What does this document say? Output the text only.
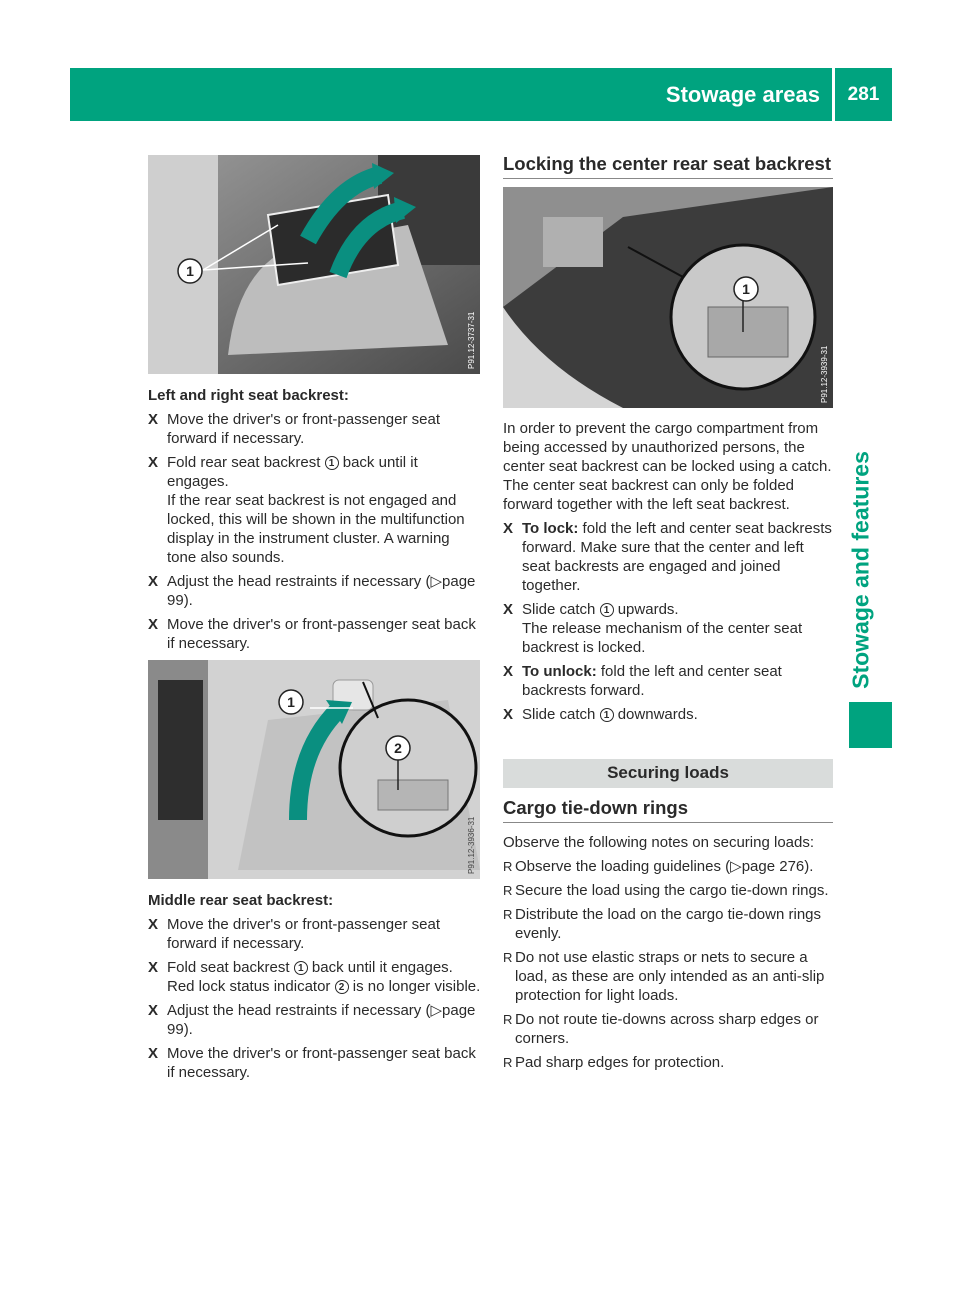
Stowage areas	281
Stowage and features
1
P91.12-3737-31

Left and right seat backrest:

X Move the driver's or front-passenger seat forward if necessary.

X Fold rear seat backrest 1 back until it engages.
If the rear seat backrest is not engaged and locked, this will be shown in the multifunction display in the instrument cluster. A warning tone also sounds.

X Adjust the head restraints if necessary (▷page 99).

X Move the driver's or front-passenger seat back if necessary.

1
2
P91.12-3936-31

Middle rear seat backrest:

X Move the driver's or front-passenger seat forward if necessary.

X Fold seat backrest 1 back until it engages.
Red lock status indicator 2 is no longer visible.

X Adjust the head restraints if necessary (▷page 99).

X Move the driver's or front-passenger seat back if necessary.

Locking the center rear seat backrest
1
P91.12-3939-31

In order to prevent the cargo compartment from being accessed by unauthorized persons, the center seat backrest can be locked using a catch. The center seat backrest can only be folded forward together with the left seat backrest.

X To lock: fold the left and center seat backrests forward. Make sure that the center and left seat backrests are engaged and joined together.

X Slide catch 1 upwards.
The release mechanism of the center seat backrest is locked.

X To unlock: fold the left and center seat backrests forward.

X Slide catch 1 downwards.

Securing loads
Cargo tie-down rings

Observe the following notes on securing loads:

R Observe the loading guidelines (▷page 276).

R Secure the load using the cargo tie-down rings.

R Distribute the load on the cargo tie-down rings evenly.

R Do not use elastic straps or nets to secure a load, as these are only intended as an anti-slip protection for light loads.

R Do not route tie-downs across sharp edges or corners.

R Pad sharp edges for protection.
